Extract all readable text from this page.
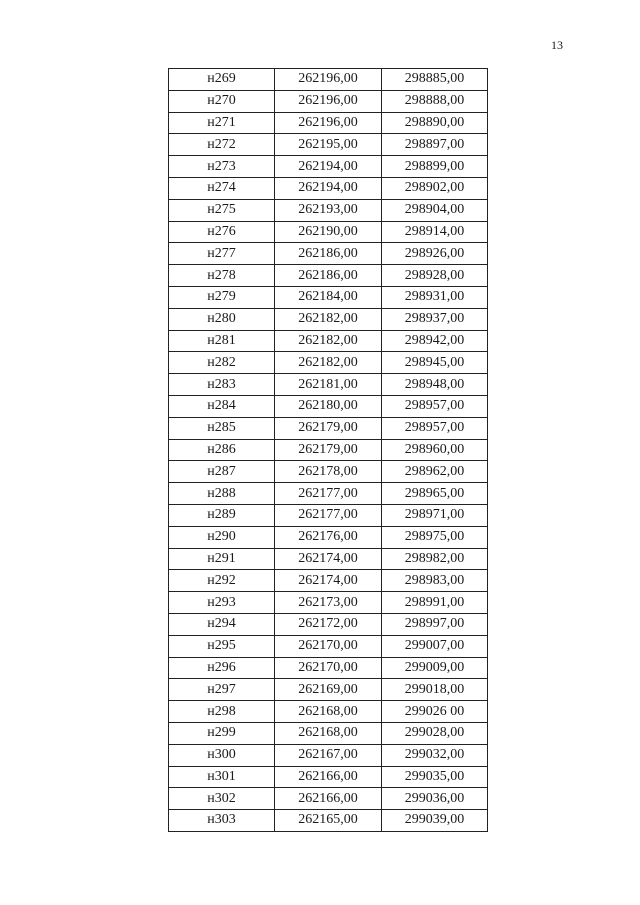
13
н269	262196,00	298885,00
н270	262196,00	298888,00
н271	262196,00	298890,00
н272	262195,00	298897,00
н273	262194,00	298899,00
н274	262194,00	298902,00
н275	262193,00	298904,00
н276	262190,00	298914,00
н277	262186,00	298926,00
н278	262186,00	298928,00
н279	262184,00	298931,00
н280	262182,00	298937,00
н281	262182,00	298942,00
н282	262182,00	298945,00
н283	262181,00	298948,00
н284	262180,00	298957,00
н285	262179,00	298957,00
н286	262179,00	298960,00
н287	262178,00	298962,00
н288	262177,00	298965,00
н289	262177,00	298971,00
н290	262176,00	298975,00
н291	262174,00	298982,00
н292	262174,00	298983,00
н293	262173,00	298991,00
н294	262172,00	298997,00
н295	262170,00	299007,00
н296	262170,00	299009,00
н297	262169,00	299018,00
н298	262168,00	299026 00
н299	262168,00	299028,00
н300	262167,00	299032,00
н301	262166,00	299035,00
н302	262166,00	299036,00
н303	262165,00	299039,00
